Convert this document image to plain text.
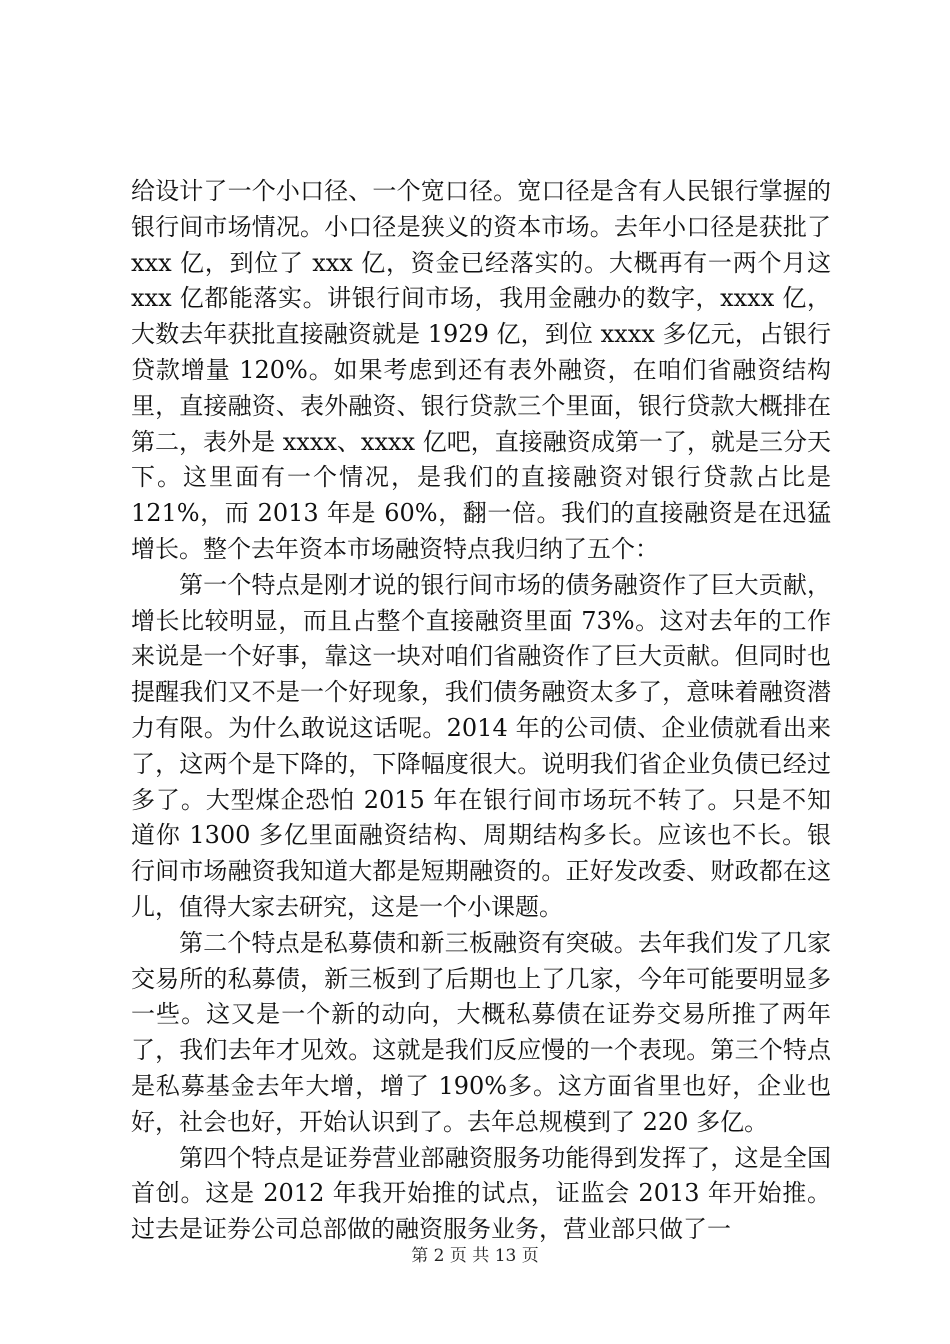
给设计了一个小口径、一个宽口径。宽口径是含有人民银行掌握的银行间市场情况。小口径是狭义的资本市场。去年小口径是获批了 xxx 亿，到位了 xxx 亿，资金已经落实的。大概再有一两个月这 xxx 亿都能落实。讲银行间市场，我用金融办的数字，xxxx 亿，大数去年获批直接融资就是 1929 亿，到位 xxxx 多亿元，占银行贷款增量 120%。如果考虑到还有表外融资，在咱们省融资结构里，直接融资、表外融资、银行贷款三个里面，银行贷款大概排在第二，表外是 xxxx、xxxx 亿吧，直接融资成第一了，就是三分天下。这里面有一个情况，是我们的直接融资对银行贷款占比是 121%，而 2013 年是 60%，翻一倍。我们的直接融资是在迅猛增长。整个去年资本市场融资特点我归纳了五个：

第一个特点是刚才说的银行间市场的债务融资作了巨大贡献，增长比较明显，而且占整个直接融资里面 73%。这对去年的工作来说是一个好事，靠这一块对咱们省融资作了巨大贡献。但同时也提醒我们又不是一个好现象，我们债务融资太多了，意味着融资潜力有限。为什么敢说这话呢。2014 年的公司债、企业债就看出来了，这两个是下降的，下降幅度很大。说明我们省企业负债已经过多了。大型煤企恐怕 2015 年在银行间市场玩不转了。只是不知道你 1300 多亿里面融资结构、周期结构多长。应该也不长。银行间市场融资我知道大都是短期融资的。正好发改委、财政都在这儿，值得大家去研究，这是一个小课题。

第二个特点是私募债和新三板融资有突破。去年我们发了几家交易所的私募债，新三板到了后期也上了几家，今年可能要明显多一些。这又是一个新的动向，大概私募债在证券交易所推了两年了，我们去年才见效。这就是我们反应慢的一个表现。第三个特点是私募基金去年大增，增了 190%多。这方面省里也好，企业也好，社会也好，开始认识到了。去年总规模到了 220 多亿。

第四个特点是证券营业部融资服务功能得到发挥了，这是全国首创。这是 2012 年我开始推的试点，证监会 2013 年开始推。过去是证券公司总部做的融资服务业务，营业部只做了一

第 2 页 共 13 页
